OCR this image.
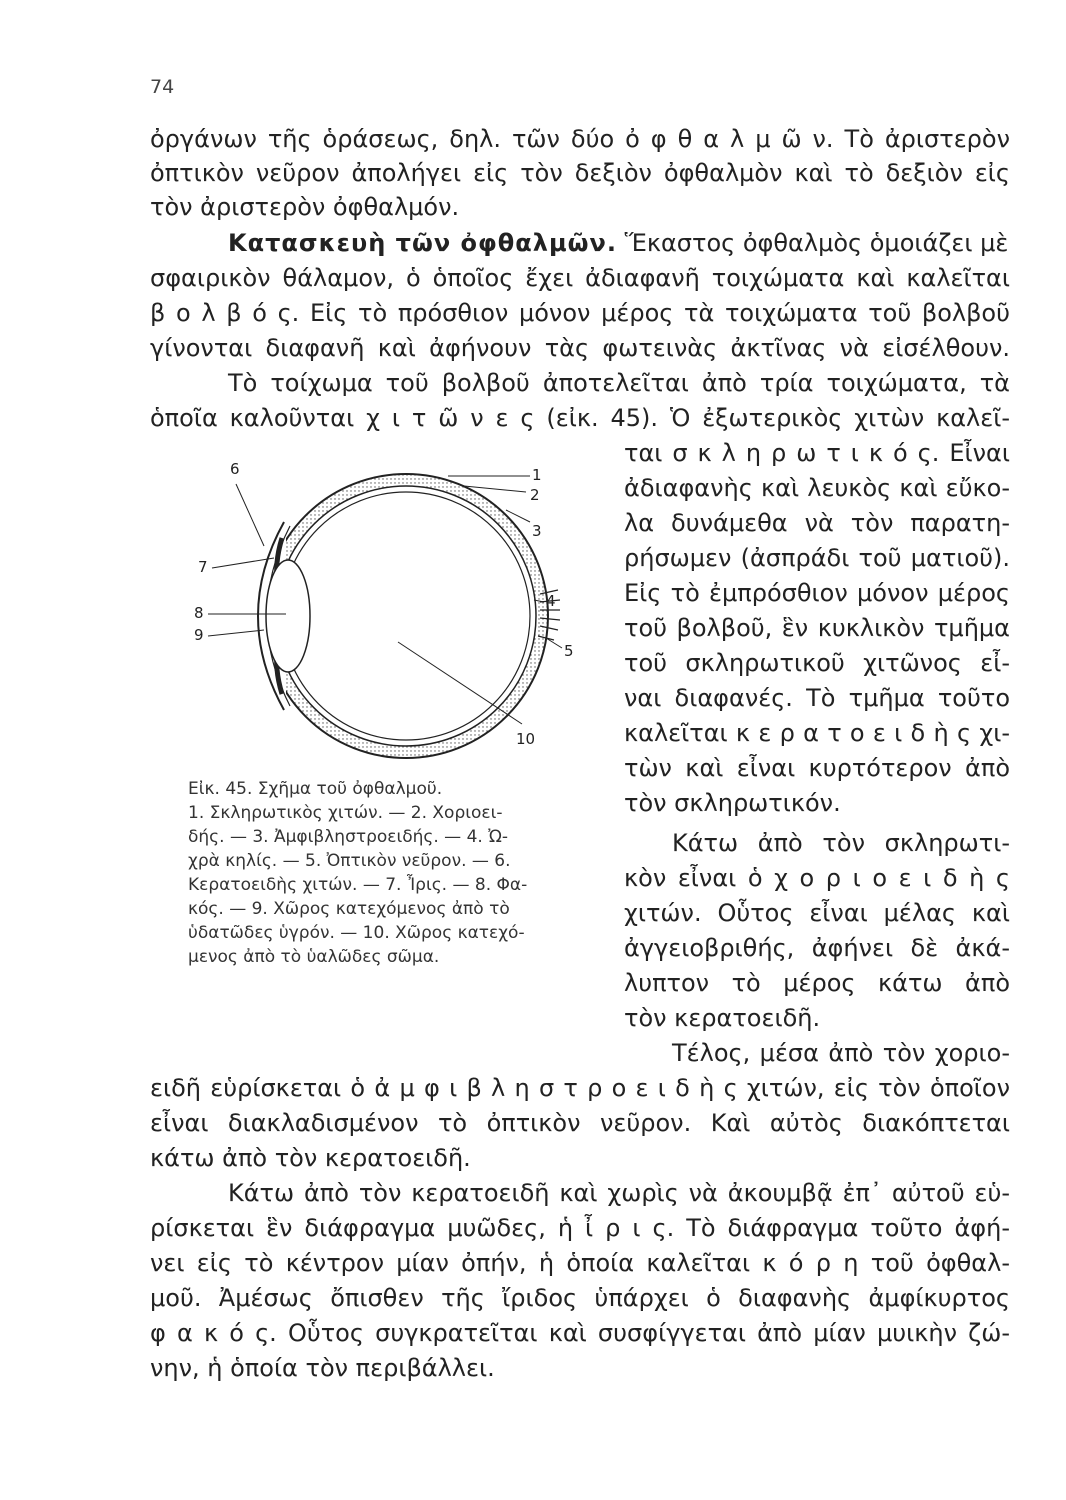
74
ὀργάνων τῆς ὁράσεως, δηλ. τῶν δύο ὀ φ θ α λ μ ῶ ν. Τὸ ἀριστερὸν
ὀπτικὸν νεῦρον ἀπολήγει εἰς τὸν δεξιὸν ὀφθαλμὸν καὶ τὸ δεξιὸν εἰς
τὸν ἀριστερὸν ὀφθαλμόν.
Κατασκευὴ τῶν ὀφθαλμῶν. Ἕκαστος ὀφθαλμὸς ὁμοιάζει μὲ
σφαιρικὸν θάλαμον, ὁ ὁποῖος ἔχει ἀδιαφανῆ τοιχώματα καὶ καλεῖται
β ο λ β ό ς. Εἰς τὸ πρόσθιον μόνον μέρος τὰ τοιχώματα τοῦ βολβοῦ
γίνονται διαφανῆ καὶ ἀφήνουν τὰς φωτεινὰς ἀκτῖνας νὰ εἰσέλθουν.
Τὸ τοίχωμα τοῦ βολβοῦ ἀποτελεῖται ἀπὸ τρία τοιχώματα, τὰ
ὁποῖα καλοῦνται χ ι τ ῶ ν ε ς (εἰκ. 45). Ὁ ἐξωτερικὸς χιτὼν καλεῖ-
ται σ κ λ η ρ ω τ ι κ ό ς. Εἶναι
ἀδιαφανὴς καὶ λευκὸς καὶ εὔκο-
λα δυνάμεθα νὰ τὸν παρατη-
ρήσωμεν (ἀσπράδι τοῦ ματιοῦ).
Εἰς τὸ ἐμπρόσθιον μόνον μέρος
τοῦ βολβοῦ, ἓν κυκλικὸν τμῆμα
τοῦ σκληρωτικοῦ χιτῶνος εἶ-
ναι διαφανές. Τὸ τμῆμα τοῦτο
καλεῖται κ ε ρ α τ ο ε ι δ ὴ ς χι-
τὼν καὶ εἶναι κυρτότερον ἀπὸ
τὸν σκληρωτικόν.
Κάτω ἀπὸ τὸν σκληρωτι-
κὸν εἶναι ὁ χ ο ρ ι ο ε ι δ ὴ ς
χιτών. Οὗτος εἶναι μέλας καὶ
ἀγγειοβριθής, ἀφήνει δὲ ἀκά-
λυπτον τὸ μέρος κάτω ἀπὸ
τὸν κερατοειδῆ.
Τέλος, μέσα ἀπὸ τὸν χοριο-
ειδῆ εὑρίσκεται ὁ ἀ μ φ ι β λ η σ τ ρ ο ε ι δ ὴ ς χιτών, εἰς τὸν ὁποῖον
εἶναι διακλαδισμένον τὸ ὀπτικὸν νεῦρον. Καὶ αὐτὸς διακόπτεται
κάτω ἀπὸ τὸν κερατοειδῆ.
Κάτω ἀπὸ τὸν κερατοειδῆ καὶ χωρὶς νὰ ἀκουμβᾷ ἐπ᾽ αὐτοῦ εὑ-
ρίσκεται ἓν διάφραγμα μυῶδες, ἡ ἶ ρ ι ς. Τὸ διάφραγμα τοῦτο ἀφή-
νει εἰς τὸ κέντρον μίαν ὀπήν, ἡ ὁποία καλεῖται κ ό ρ η τοῦ ὀφθαλ-
μοῦ. Ἀμέσως ὄπισθεν τῆς ἴριδος ὑπάρχει ὁ διαφανὴς ἀμφίκυρτος
φ α κ ό ς. Οὗτος συγκρατεῖται καὶ συσφίγγεται ἀπὸ μίαν μυικὴν ζώ-
νην, ἡ ὁποία τὸν περιβάλλει.
1
2
3
4
5
6
7
8
9
10
Εἰκ. 45. Σχῆμα τοῦ ὀφθαλμοῦ.
1. Σκληρωτικὸς χιτών. — 2. Χοριοει-
δής. — 3. Ἀμφιβληστροειδής. — 4. Ὠ-
χρὰ κηλίς. — 5. Ὀπτικὸν νεῦρον. — 6.
Κερατοειδὴς χιτών. — 7. Ἶρις. — 8. Φα-
κός. — 9. Χῶρος κατεχόμενος ἀπὸ τὸ
ὑδατῶδες ὑγρόν. — 10. Χῶρος κατεχό-
μενος ἀπὸ τὸ ὑαλῶδες σῶμα.
